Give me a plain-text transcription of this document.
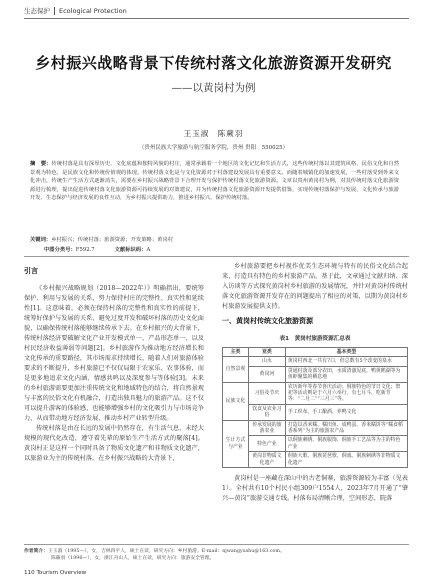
生态保护 Ecological Protection
乡村振兴战略背景下传统村落文化旅游资源开发研究
——以黄岗村为例
王玉淑　陈蕨羽
（贵州民族大学旅游与航空服务学院，贵州 贵阳　550025）
摘　要：传统村落是具有深厚历史、文化底蕴和独特风貌的村庄，通常承载着一个地区的文化记忆和生活方式，这些传统村落以其建筑风格、民俗文化和自然景观为特色，是民族文化和传统价值观的体现。传统村落文化是与文化资源对于村落建设发展具有重要意义。而随着城镇化的加速发展，一些村落受到外来文化冲击，传统生产生活方式逐渐消失，需要在乡村振兴战略背景下合理开发与保护传统村落文化旅游资源。文章以贵州黄岗村为例，对其传统村落文化旅游资源进行梳理，提出促进传统村落文化旅游资源可持续发展的对策建议，并为传统村落文化旅游资源开发提供借鉴，实现传统村落保护与发展、文化传承与旅游开发、生态保护与经济发展的良性互动，为乡村振兴提供助力，推进乡村振兴，保护传统村落。
关键词：乡村振兴；传统村落；旅游资源；开发策略；黄岗村
中图分类号：F592.7	文献标识码：A
引言

《乡村振兴战略规划（2018—2022年）》明确指出，要统筹保护、利用与发展的关系，努力保持村庄的完整性、真实性和延续性[1]。这意味着，必须在保持村落的完整性和真实性的前提下，统筹好保护与发展的关系，避免过度开发和破坏村落的历史文化面貌，以确保传统村落能够继续传承下去。在乡村振兴的大背景下，传统村落经济要破解文化产业开发模式单一、产品形态单一、以及村民经济收益薄弱等问题[2]。乡村旅游作为推动地方经济增长和文化传承的重要路径，其市场需求持续增长，随着人们对旅游体验要求的不断提升，乡村旅游已不仅仅局限于农家乐、农事体验，而是更多地追求文化内涵、情感共鸣以及深度参与等体验[3]。未来的乡村旅游需要更加注重传统文化和地域特色的结合，将自然景观与丰富的民俗文化有机融合，打造出独具魅力的旅游产品。这不仅可以提升游客的体验感，也能够增强乡村的文化吸引力与市场竞争力，从而带动地方经济发展，推动乡村产业转型升级。

传统村落是由在长远的发展中仍然存在，有生活气息，未经大规模的现代化改造，遵守着先辈的原始生产生活方式的聚落[4]。黄岗村正是这样一个同时具备了物质文化遗产和非物质文化遗产，以旅游业为主的传统村落。在乡村振兴战略的大背景下，

乡村旅游要把乡村视作优美生态环境与特有的民俗文化结合起来，打造具有特色的乡村旅游产品。基于此，文章通过文献归纳、深入访谈等方式探究黄岗村乡村旅游的发展情况，并针对黄岗村传统村落文化旅游资源开发存在的问题提出了相应的对策，以期为黄岗村乡村旅游发展提供支持。

一、黄岗村传统文化旅游资源
表1　黄岗村旅游资源汇总表
主类	亚类	基本类型
自然景观	山水	黄岗村西北一共有7口，但总数有5个改变的泉水
	黄岗河	贯通村落及部分农田，水质清澈见底，鸭黄鹅湖等为鱼虾聚集的栖息地
民族文化	习俗及节庆	农历新年等春节喜庆活动；侗族特色的节日文化；祭祀等活动则是于六月六举行，有七月斗、吃新节等：“二月二”“三月三”等。
	饮食及农业习俗	手工织布、手工酿酒、养鸭文化
生计方式与产业	传承发展的旅游农业	打造以香米糯、糯田鱼、成鸭蛋、香米糯饼等“糯食稻香系列”为主的旅游农产品
	特色产业	以侗族刺绣、侗族服饰、侗族手工艺品等为主的特色产业
	黄岗非物质文化遗产	侗族大歌、侗族琵琶歌、侗戏、侗族刺绣等非物质文化遗产

黄岗村是一座藏在深山中的古老侗寨，旅游资源较为丰富（见表1）。全村共有10个村民小组309户1554人，2023年7月开通了“肇兴—黄岗”旅游交通专线。村落布局清晰合理，空间形态、院落

作者简介：王玉淑（1995—），女，吉林四平人，硕士在读，研究方向：乡村旅游。E-mail：njwangyushu@163.com。
陈蕨羽（1996—），女，浙江舟山人，硕士在读，研究方向：旅游安全管理。
110 Tourism Overview
